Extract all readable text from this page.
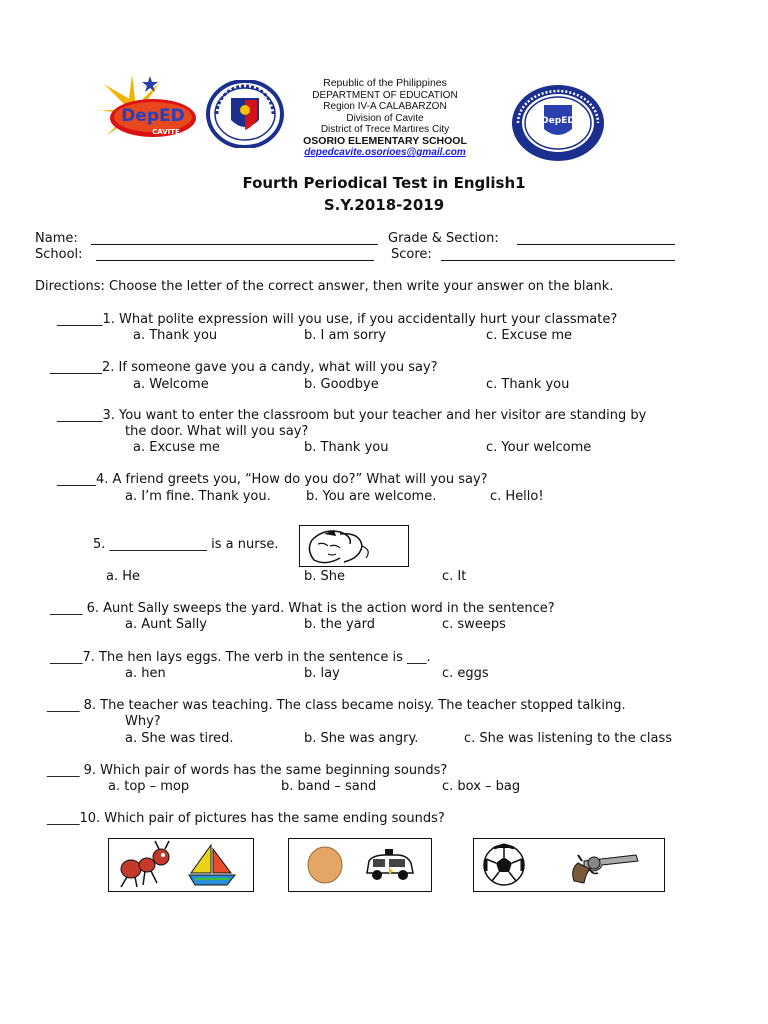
DepED
CAVITE
DepED
Republic of the Philippines
DEPARTMENT OF EDUCATION
Region IV-A CALABARZON
Division of Cavite
District of Trece Martires City
OSORIO ELEMENTARY SCHOOL
depedcavite.osorioes@gmail.com
Fourth Periodical Test in English1
S.Y.2018-2019
Name:	Grade & Section:
School:	Score:
Directions: Choose the letter of the correct answer, then write your answer on the blank.
_______1. What polite expression will you use, if you accidentally hurt your classmate?
a. Thank you	b. I am sorry	c. Excuse me
________2. If someone gave you a candy, what will you say?
a. Welcome	b. Goodbye	c. Thank you
_______3. You want to enter the classroom but your teacher and her visitor are standing by
the door. What will you say?
a. Excuse me	b. Thank you	c. Your welcome
______4. A friend greets you, “How do you do?” What will you say?
a. I’m fine. Thank you.	b. You are welcome.	c. Hello!
5. _______________ is a nurse.
a. He	b. She	c. It
_____ 6. Aunt Sally sweeps the yard. What is the action word in the sentence?
a. Aunt Sally	b. the yard	c. sweeps
_____7. The hen lays eggs. The verb in the sentence is ___.
a. hen	b. lay	c. eggs
_____ 8. The teacher was teaching. The class became noisy. The teacher stopped talking.
Why?
a. She was tired.	b. She was angry.	c. She was listening to the class
_____ 9. Which pair of words has the same beginning sounds?
a. top – mop	b. band – sand	c. box – bag
_____10. Which pair of pictures has the same ending sounds?
